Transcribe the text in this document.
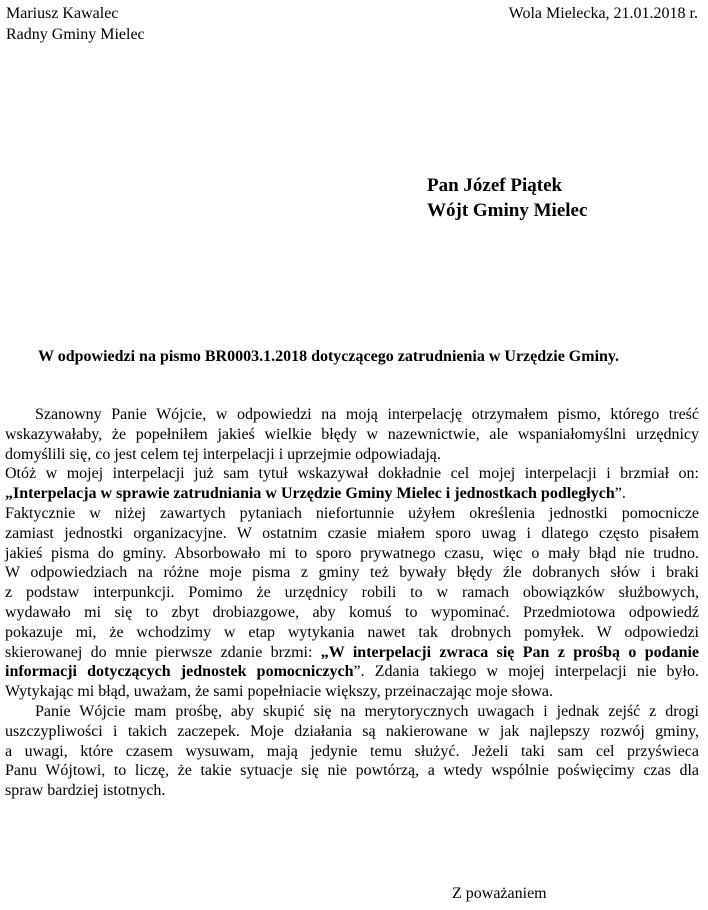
Mariusz Kawalec
Radny Gminy Mielec
Wola Mielecka, 21.01.2018 r.
Pan Józef Piątek
Wójt Gminy Mielec
W odpowiedzi na pismo BR0003.1.2018 dotyczącego zatrudnienia w Urzędzie Gminy.
Szanowny Panie Wójcie, w odpowiedzi na moją interpelację otrzymałem pismo, którego treść
wskazywałaby, że popełniłem jakieś wielkie błędy w nazewnictwie, ale wspaniałomyślni urzędnicy
domyślili się, co jest celem tej interpelacji i uprzejmie odpowiadają.
Otóż w mojej interpelacji już sam tytuł wskazywał dokładnie cel mojej interpelacji i brzmiał on:
„Interpelacja w sprawie zatrudniania w Urzędzie Gminy Mielec i jednostkach podległych”.
Faktycznie w niżej zawartych pytaniach niefortunnie użyłem określenia jednostki pomocnicze
zamiast jednostki organizacyjne. W ostatnim czasie miałem sporo uwag i dlatego często pisałem
jakieś pisma do gminy. Absorbowało mi to sporo prywatnego czasu, więc o mały błąd nie trudno.
W odpowiedziach na różne moje pisma z gminy też bywały błędy źle dobranych słów i braki
z podstaw interpunkcji. Pomimo że urzędnicy robili to w ramach obowiązków służbowych,
wydawało mi się to zbyt drobiazgowe, aby komuś to wypominać. Przedmiotowa odpowiedź
pokazuje mi, że wchodzimy w etap wytykania nawet tak drobnych pomyłek. W odpowiedzi
skierowanej do mnie pierwsze zdanie brzmi: „W interpelacji zwraca się Pan z prośbą o podanie
informacji dotyczących jednostek pomocniczych”. Zdania takiego w mojej interpelacji nie było.
Wytykając mi błąd, uważam, że sami popełniacie większy, przeinaczając moje słowa.
Panie Wójcie mam prośbę, aby skupić się na merytorycznych uwagach i jednak zejść z drogi
uszczypliwości i takich zaczepek. Moje działania są nakierowane w jak najlepszy rozwój gminy,
a uwagi, które czasem wysuwam, mają jedynie temu służyć. Jeżeli taki sam cel przyświeca
Panu Wójtowi, to liczę, że takie sytuacje się nie powtórzą, a wtedy wspólnie poświęcimy czas dla
spraw bardziej istotnych.
Z poważaniem
